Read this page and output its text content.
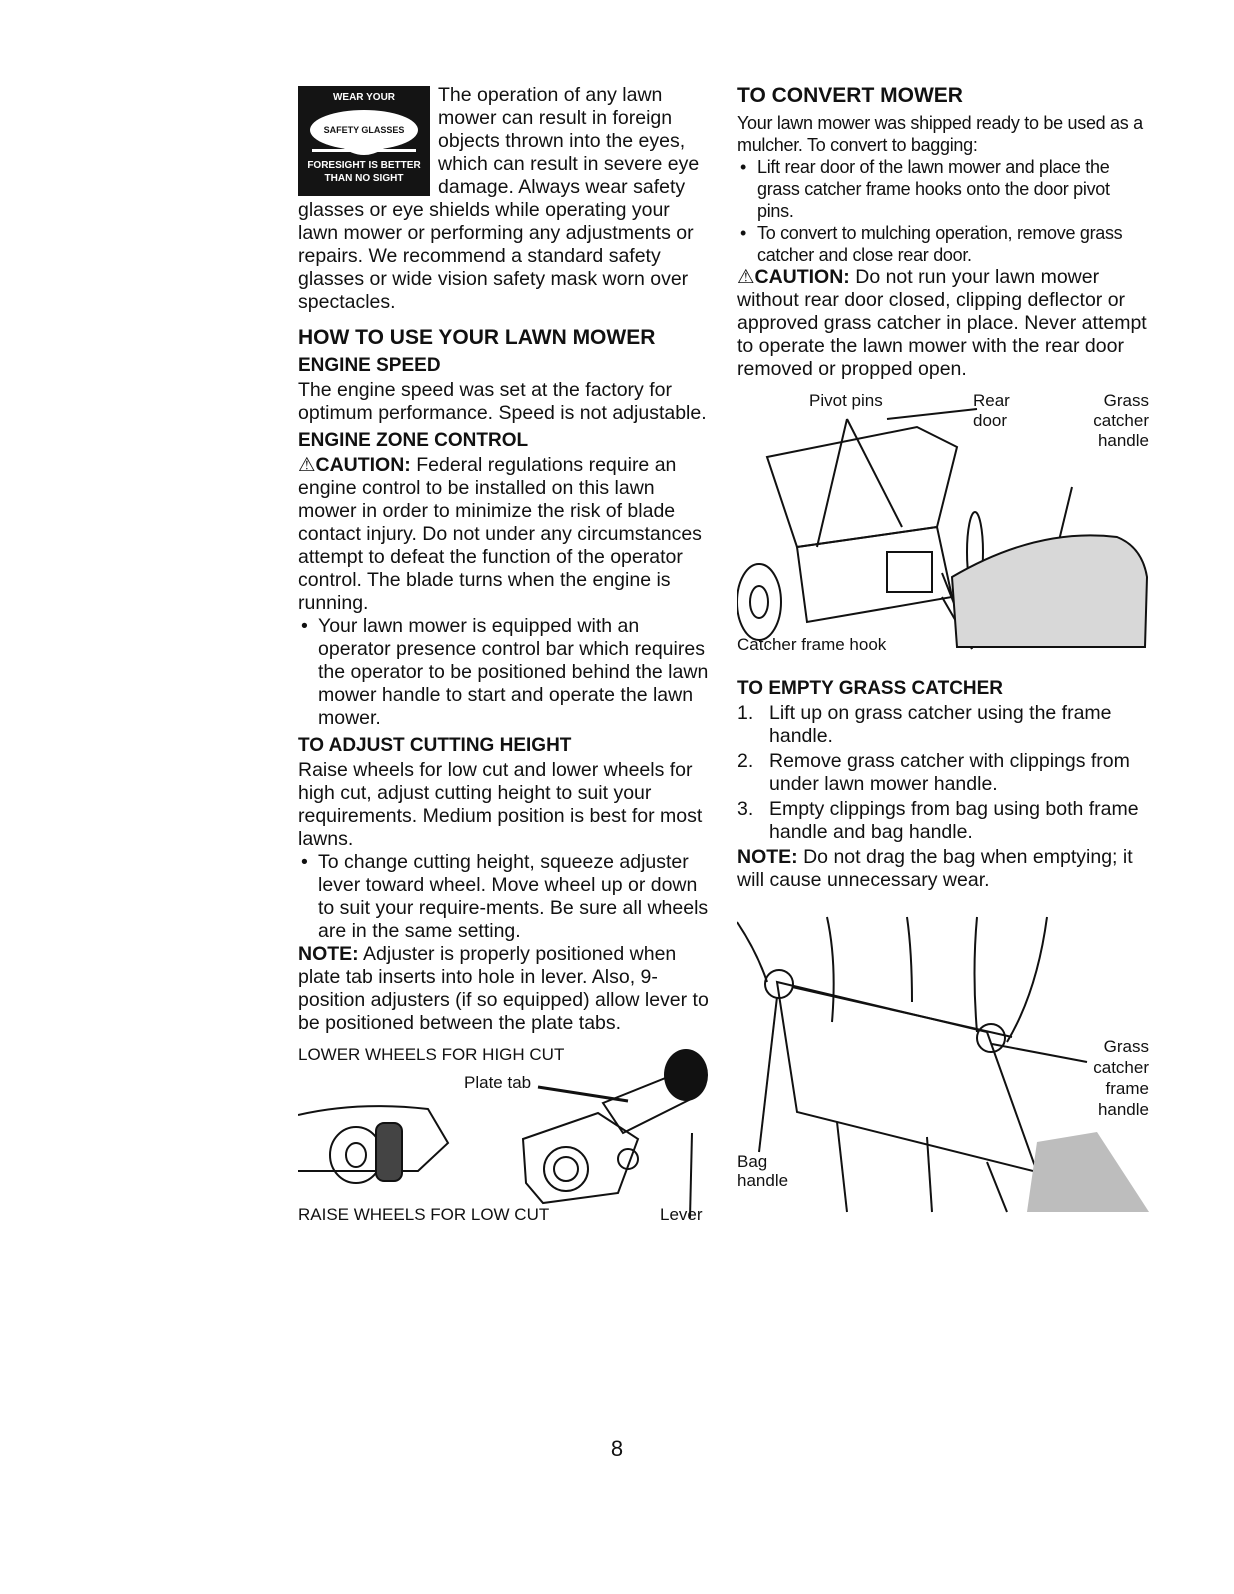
WEAR YOUR
SAFETY GLASSES
FORESIGHT IS BETTER
THAN NO SIGHT

The operation of any lawn mower can result in foreign objects thrown into the eyes, which can result in severe eye damage. Always wear safety glasses or eye shields while operating your lawn mower or performing any adjustments or repairs. We recommend a standard safety glasses or wide vision safety mask worn over spectacles.

HOW TO USE YOUR LAWN MOWER
ENGINE SPEED

The engine speed was set at the factory for optimum performance. Speed is not adjustable.

ENGINE ZONE CONTROL

⚠CAUTION: Federal regulations require an engine control to be installed on this lawn mower in order to minimize the risk of blade contact injury. Do not under any circumstances attempt to defeat the function of the operator control. The blade turns when the engine is running.

• Your lawn mower is equipped with an operator presence control bar which requires the operator to be positioned behind the lawn mower handle to start and operate the lawn mower.
TO ADJUST CUTTING HEIGHT

Raise wheels for low cut and lower wheels for high cut, adjust cutting height to suit your requirements. Medium position is best for most lawns.

• To change cutting height, squeeze adjuster lever toward wheel. Move wheel up or down to suit your require-ments. Be sure all wheels are in the same setting.

NOTE: Adjuster is properly positioned when plate tab inserts into hole in lever. Also, 9-position adjusters (if so equipped) allow lever to be positioned between the plate tabs.

LOWER WHEELS FOR HIGH CUT
Plate tab
RAISE WHEELS FOR LOW CUT	Lever
TO CONVERT MOWER

Your lawn mower was shipped ready to be used as a mulcher. To convert to bagging:

• Lift rear door of the lawn mower and place the grass catcher frame hooks onto the door pivot pins.
• To convert to mulching operation, remove grass catcher and close rear door.

⚠CAUTION: Do not run your lawn mower without rear door closed, clipping deflector or approved grass catcher in place. Never attempt to operate the lawn mower with the rear door removed or propped open.

Pivot pins	Rear door
Grass catcher handle
Catcher frame hook
TO EMPTY GRASS CATCHER
1. Lift up on grass catcher using the frame handle.
2. Remove grass catcher with clippings from under lawn mower handle.
3. Empty clippings from bag using both frame handle and bag handle.

NOTE: Do not drag the bag when emptying; it will cause unnecessary wear.

Grass catcher frame handle
Bag handle
8
